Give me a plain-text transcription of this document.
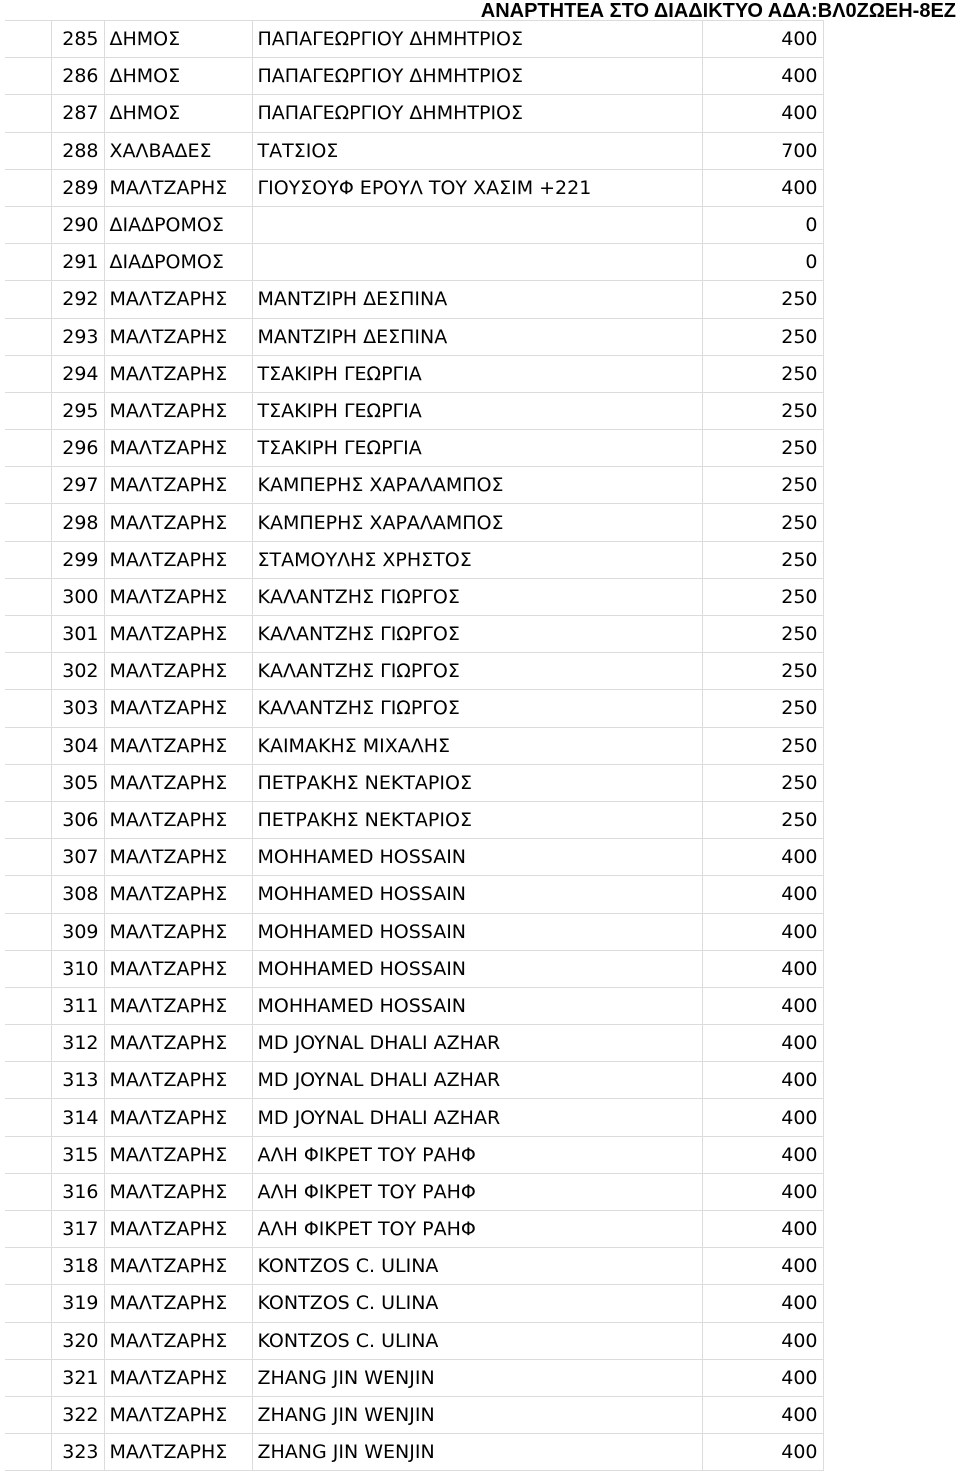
ΑΝΑΡΤΗΤΕΑ ΣΤΟ ΔΙΑΔΙΚΤΥΟ ΑΔΑ:ΒΛ0ΖΩΕΗ-8ΕΖ
	285	ΔΗΜΟΣ	ΠΑΠΑΓΕΩΡΓΙΟΥ ΔΗΜΗΤΡΙΟΣ	400
	286	ΔΗΜΟΣ	ΠΑΠΑΓΕΩΡΓΙΟΥ ΔΗΜΗΤΡΙΟΣ	400
	287	ΔΗΜΟΣ	ΠΑΠΑΓΕΩΡΓΙΟΥ ΔΗΜΗΤΡΙΟΣ	400
	288	ΧΑΛΒΑΔΕΣ	ΤΑΤΣΙΟΣ	700
	289	ΜΑΛΤΖΑΡΗΣ	ΓΙΟΥΣΟΥΦ ΕΡΟΥΛ ΤΟΥ ΧΑΣΙΜ +221	400
	290	ΔΙΑΔΡΟΜΟΣ		0
	291	ΔΙΑΔΡΟΜΟΣ		0
	292	ΜΑΛΤΖΑΡΗΣ	ΜΑΝΤΖΙΡΗ ΔΕΣΠΙΝΑ	250
	293	ΜΑΛΤΖΑΡΗΣ	ΜΑΝΤΖΙΡΗ ΔΕΣΠΙΝΑ	250
	294	ΜΑΛΤΖΑΡΗΣ	ΤΣΑΚΙΡΗ ΓΕΩΡΓΙΑ	250
	295	ΜΑΛΤΖΑΡΗΣ	ΤΣΑΚΙΡΗ ΓΕΩΡΓΙΑ	250
	296	ΜΑΛΤΖΑΡΗΣ	ΤΣΑΚΙΡΗ ΓΕΩΡΓΙΑ	250
	297	ΜΑΛΤΖΑΡΗΣ	ΚΑΜΠΕΡΗΣ ΧΑΡΑΛΑΜΠΟΣ	250
	298	ΜΑΛΤΖΑΡΗΣ	ΚΑΜΠΕΡΗΣ ΧΑΡΑΛΑΜΠΟΣ	250
	299	ΜΑΛΤΖΑΡΗΣ	ΣΤΑΜΟΥΛΗΣ ΧΡΗΣΤΟΣ	250
	300	ΜΑΛΤΖΑΡΗΣ	ΚΑΛΑΝΤΖΗΣ ΓΙΩΡΓΟΣ	250
	301	ΜΑΛΤΖΑΡΗΣ	ΚΑΛΑΝΤΖΗΣ ΓΙΩΡΓΟΣ	250
	302	ΜΑΛΤΖΑΡΗΣ	ΚΑΛΑΝΤΖΗΣ ΓΙΩΡΓΟΣ	250
	303	ΜΑΛΤΖΑΡΗΣ	ΚΑΛΑΝΤΖΗΣ ΓΙΩΡΓΟΣ	250
	304	ΜΑΛΤΖΑΡΗΣ	ΚΑΙΜΑΚΗΣ ΜΙΧΑΛΗΣ	250
	305	ΜΑΛΤΖΑΡΗΣ	ΠΕΤΡΑΚΗΣ ΝΕΚΤΑΡΙΟΣ	250
	306	ΜΑΛΤΖΑΡΗΣ	ΠΕΤΡΑΚΗΣ ΝΕΚΤΑΡΙΟΣ	250
	307	ΜΑΛΤΖΑΡΗΣ	MOHHAMED HOSSAIN	400
	308	ΜΑΛΤΖΑΡΗΣ	MOHHAMED HOSSAIN	400
	309	ΜΑΛΤΖΑΡΗΣ	MOHHAMED HOSSAIN	400
	310	ΜΑΛΤΖΑΡΗΣ	MOHHAMED HOSSAIN	400
	311	ΜΑΛΤΖΑΡΗΣ	MOHHAMED HOSSAIN	400
	312	ΜΑΛΤΖΑΡΗΣ	MD JOYNAL DHALI AZHAR	400
	313	ΜΑΛΤΖΑΡΗΣ	MD JOYNAL DHALI AZHAR	400
	314	ΜΑΛΤΖΑΡΗΣ	MD JOYNAL DHALI AZHAR	400
	315	ΜΑΛΤΖΑΡΗΣ	ΑΛΗ ΦΙΚΡΕΤ ΤΟΥ ΡΑΗΦ	400
	316	ΜΑΛΤΖΑΡΗΣ	ΑΛΗ ΦΙΚΡΕΤ ΤΟΥ ΡΑΗΦ	400
	317	ΜΑΛΤΖΑΡΗΣ	ΑΛΗ ΦΙΚΡΕΤ ΤΟΥ ΡΑΗΦ	400
	318	ΜΑΛΤΖΑΡΗΣ	KONTZOS C. ULINA	400
	319	ΜΑΛΤΖΑΡΗΣ	KONTZOS C. ULINA	400
	320	ΜΑΛΤΖΑΡΗΣ	KONTZOS C. ULINA	400
	321	ΜΑΛΤΖΑΡΗΣ	ZHANG JIN WENJIN	400
	322	ΜΑΛΤΖΑΡΗΣ	ZHANG JIN WENJIN	400
	323	ΜΑΛΤΖΑΡΗΣ	ZHANG JIN WENJIN	400
